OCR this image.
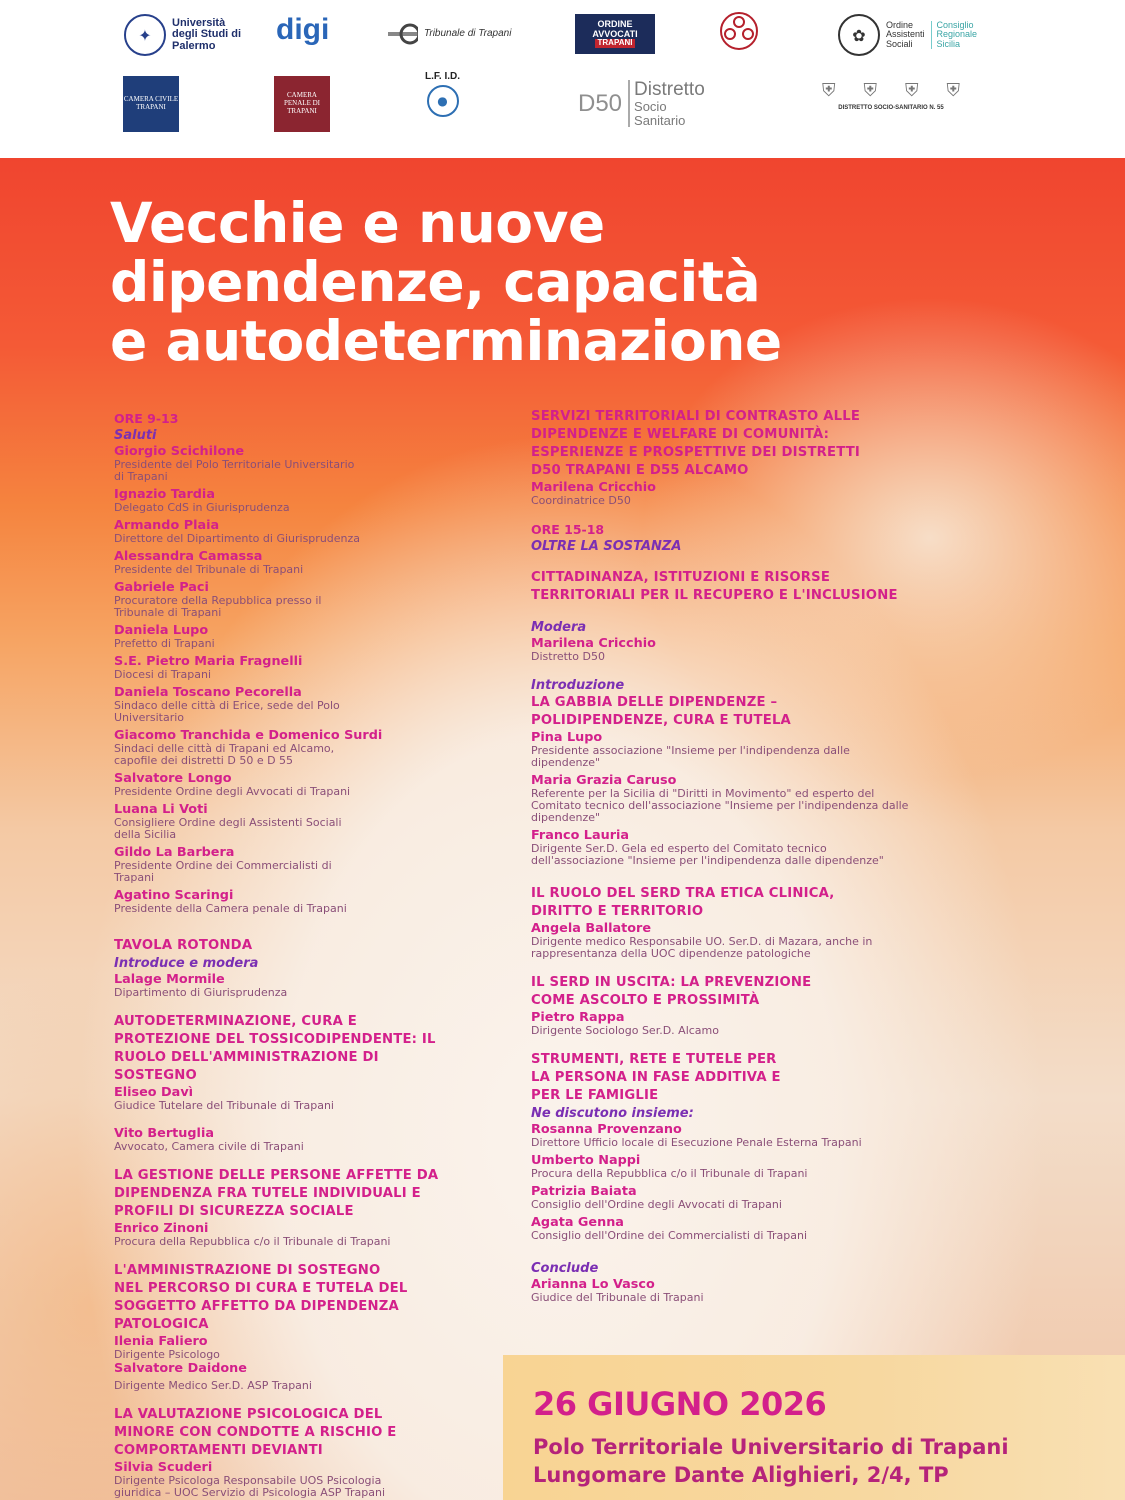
✦
Università degli Studi di Palermo	digi	Tribunale di Trapani
ORDINE
AVVOCATI
TRAPANI	✿
Ordine
Assistenti
Sociali
Consiglio
Regionale
Sicilia
CAMERA CIVILE TRAPANI
CAMERA PENALE DI TRAPANI
L.F. I.D.
●	D50
Distretto
Socio
Sanitario
⛨ ⛨ ⛨ ⛨
DISTRETTO SOCIO-SANITARIO N. 55
Vecchie e nuove
dipendenze, capacità
e autodeterminazione
ORE 9-13
Saluti
Giorgio Scichilone
Presidente del Polo Territoriale Universitario di Trapani
Ignazio Tardia
Delegato CdS in Giurisprudenza
Armando Plaia
Direttore del Dipartimento di Giurisprudenza
Alessandra Camassa
Presidente del Tribunale di Trapani
Gabriele Paci
Procuratore della Repubblica presso il Tribunale di Trapani
Daniela Lupo
Prefetto di Trapani
S.E. Pietro Maria Fragnelli
Diocesi di Trapani
Daniela Toscano Pecorella
Sindaco delle città di Erice, sede del Polo Universitario
Giacomo Tranchida e Domenico Surdi
Sindaci delle città di Trapani ed Alcamo, capofile dei distretti D 50 e D 55
Salvatore Longo
Presidente Ordine degli Avvocati di Trapani
Luana Li Voti
Consigliere Ordine degli Assistenti Sociali della Sicilia
Gildo La Barbera
Presidente Ordine dei Commercialisti di Trapani
Agatino Scaringi
Presidente della Camera penale di Trapani
TAVOLA ROTONDA
Introduce e modera
Lalage Mormile
Dipartimento di Giurisprudenza
AUTODETERMINAZIONE, CURA E PROTEZIONE DEL TOSSICODIPENDENTE: IL RUOLO DELL'AMMINISTRAZIONE DI SOSTEGNO
Eliseo Davì
Giudice Tutelare del Tribunale di Trapani
Vito Bertuglia
Avvocato, Camera civile di Trapani
LA GESTIONE DELLE PERSONE AFFETTE DA DIPENDENZA FRA TUTELE INDIVIDUALI E PROFILI DI SICUREZZA SOCIALE
Enrico Zinoni
Procura della Repubblica c/o il Tribunale di Trapani
L'AMMINISTRAZIONE DI SOSTEGNO NEL PERCORSO DI CURA E TUTELA DEL SOGGETTO AFFETTO DA DIPENDENZA PATOLOGICA
Ilenia Faliero
Dirigente Psicologo
Salvatore Daidone
Dirigente Medico Ser.D. ASP Trapani
LA VALUTAZIONE PSICOLOGICA DEL MINORE CON CONDOTTE A RISCHIO E COMPORTAMENTI DEVIANTI
Silvia Scuderi
Dirigente Psicologa Responsabile UOS Psicologia giuridica – UOC Servizio di Psicologia ASP Trapani
SERVIZI TERRITORIALI DI CONTRASTO ALLE DIPENDENZE E WELFARE DI COMUNITÀ: ESPERIENZE E PROSPETTIVE DEI DISTRETTI D50 TRAPANI E D55 ALCAMO
Marilena Cricchio
Coordinatrice D50
ORE 15-18
OLTRE LA SOSTANZA
CITTADINANZA, ISTITUZIONI E RISORSE TERRITORIALI PER IL RECUPERO E L'INCLUSIONE
Modera
Marilena Cricchio
Distretto D50
Introduzione
LA GABBIA DELLE DIPENDENZE – POLIDIPENDENZE, CURA E TUTELA
Pina Lupo
Presidente associazione "Insieme per l'indipendenza dalle dipendenze"
Maria Grazia Caruso
Referente per la Sicilia di "Diritti in Movimento" ed esperto del Comitato tecnico dell'associazione "Insieme per l'indipendenza dalle dipendenze"
Franco Lauria
Dirigente Ser.D. Gela ed esperto del Comitato tecnico dell'associazione "Insieme per l'indipendenza dalle dipendenze"
IL RUOLO DEL SERD TRA ETICA CLINICA, DIRITTO E TERRITORIO
Angela Ballatore
Dirigente medico Responsabile UO. Ser.D. di Mazara, anche in rappresentanza della UOC dipendenze patologiche
IL SERD IN USCITA: LA PREVENZIONE COME ASCOLTO E PROSSIMITÀ
Pietro Rappa
Dirigente Sociologo Ser.D. Alcamo
STRUMENTI, RETE E TUTELE PER LA PERSONA IN FASE ADDITIVA E PER LE FAMIGLIE
Ne discutono insieme:
Rosanna Provenzano
Direttore Ufficio locale di Esecuzione Penale Esterna Trapani
Umberto Nappi
Procura della Repubblica c/o il Tribunale di Trapani
Patrizia Baiata
Consiglio dell'Ordine degli Avvocati di Trapani
Agata Genna
Consiglio dell'Ordine dei Commercialisti di Trapani
Conclude
Arianna Lo Vasco
Giudice del Tribunale di Trapani
26 GIUGNO 2026
Polo Territoriale Universitario di Trapani
Lungomare Dante Alighieri, 2/4, TP
